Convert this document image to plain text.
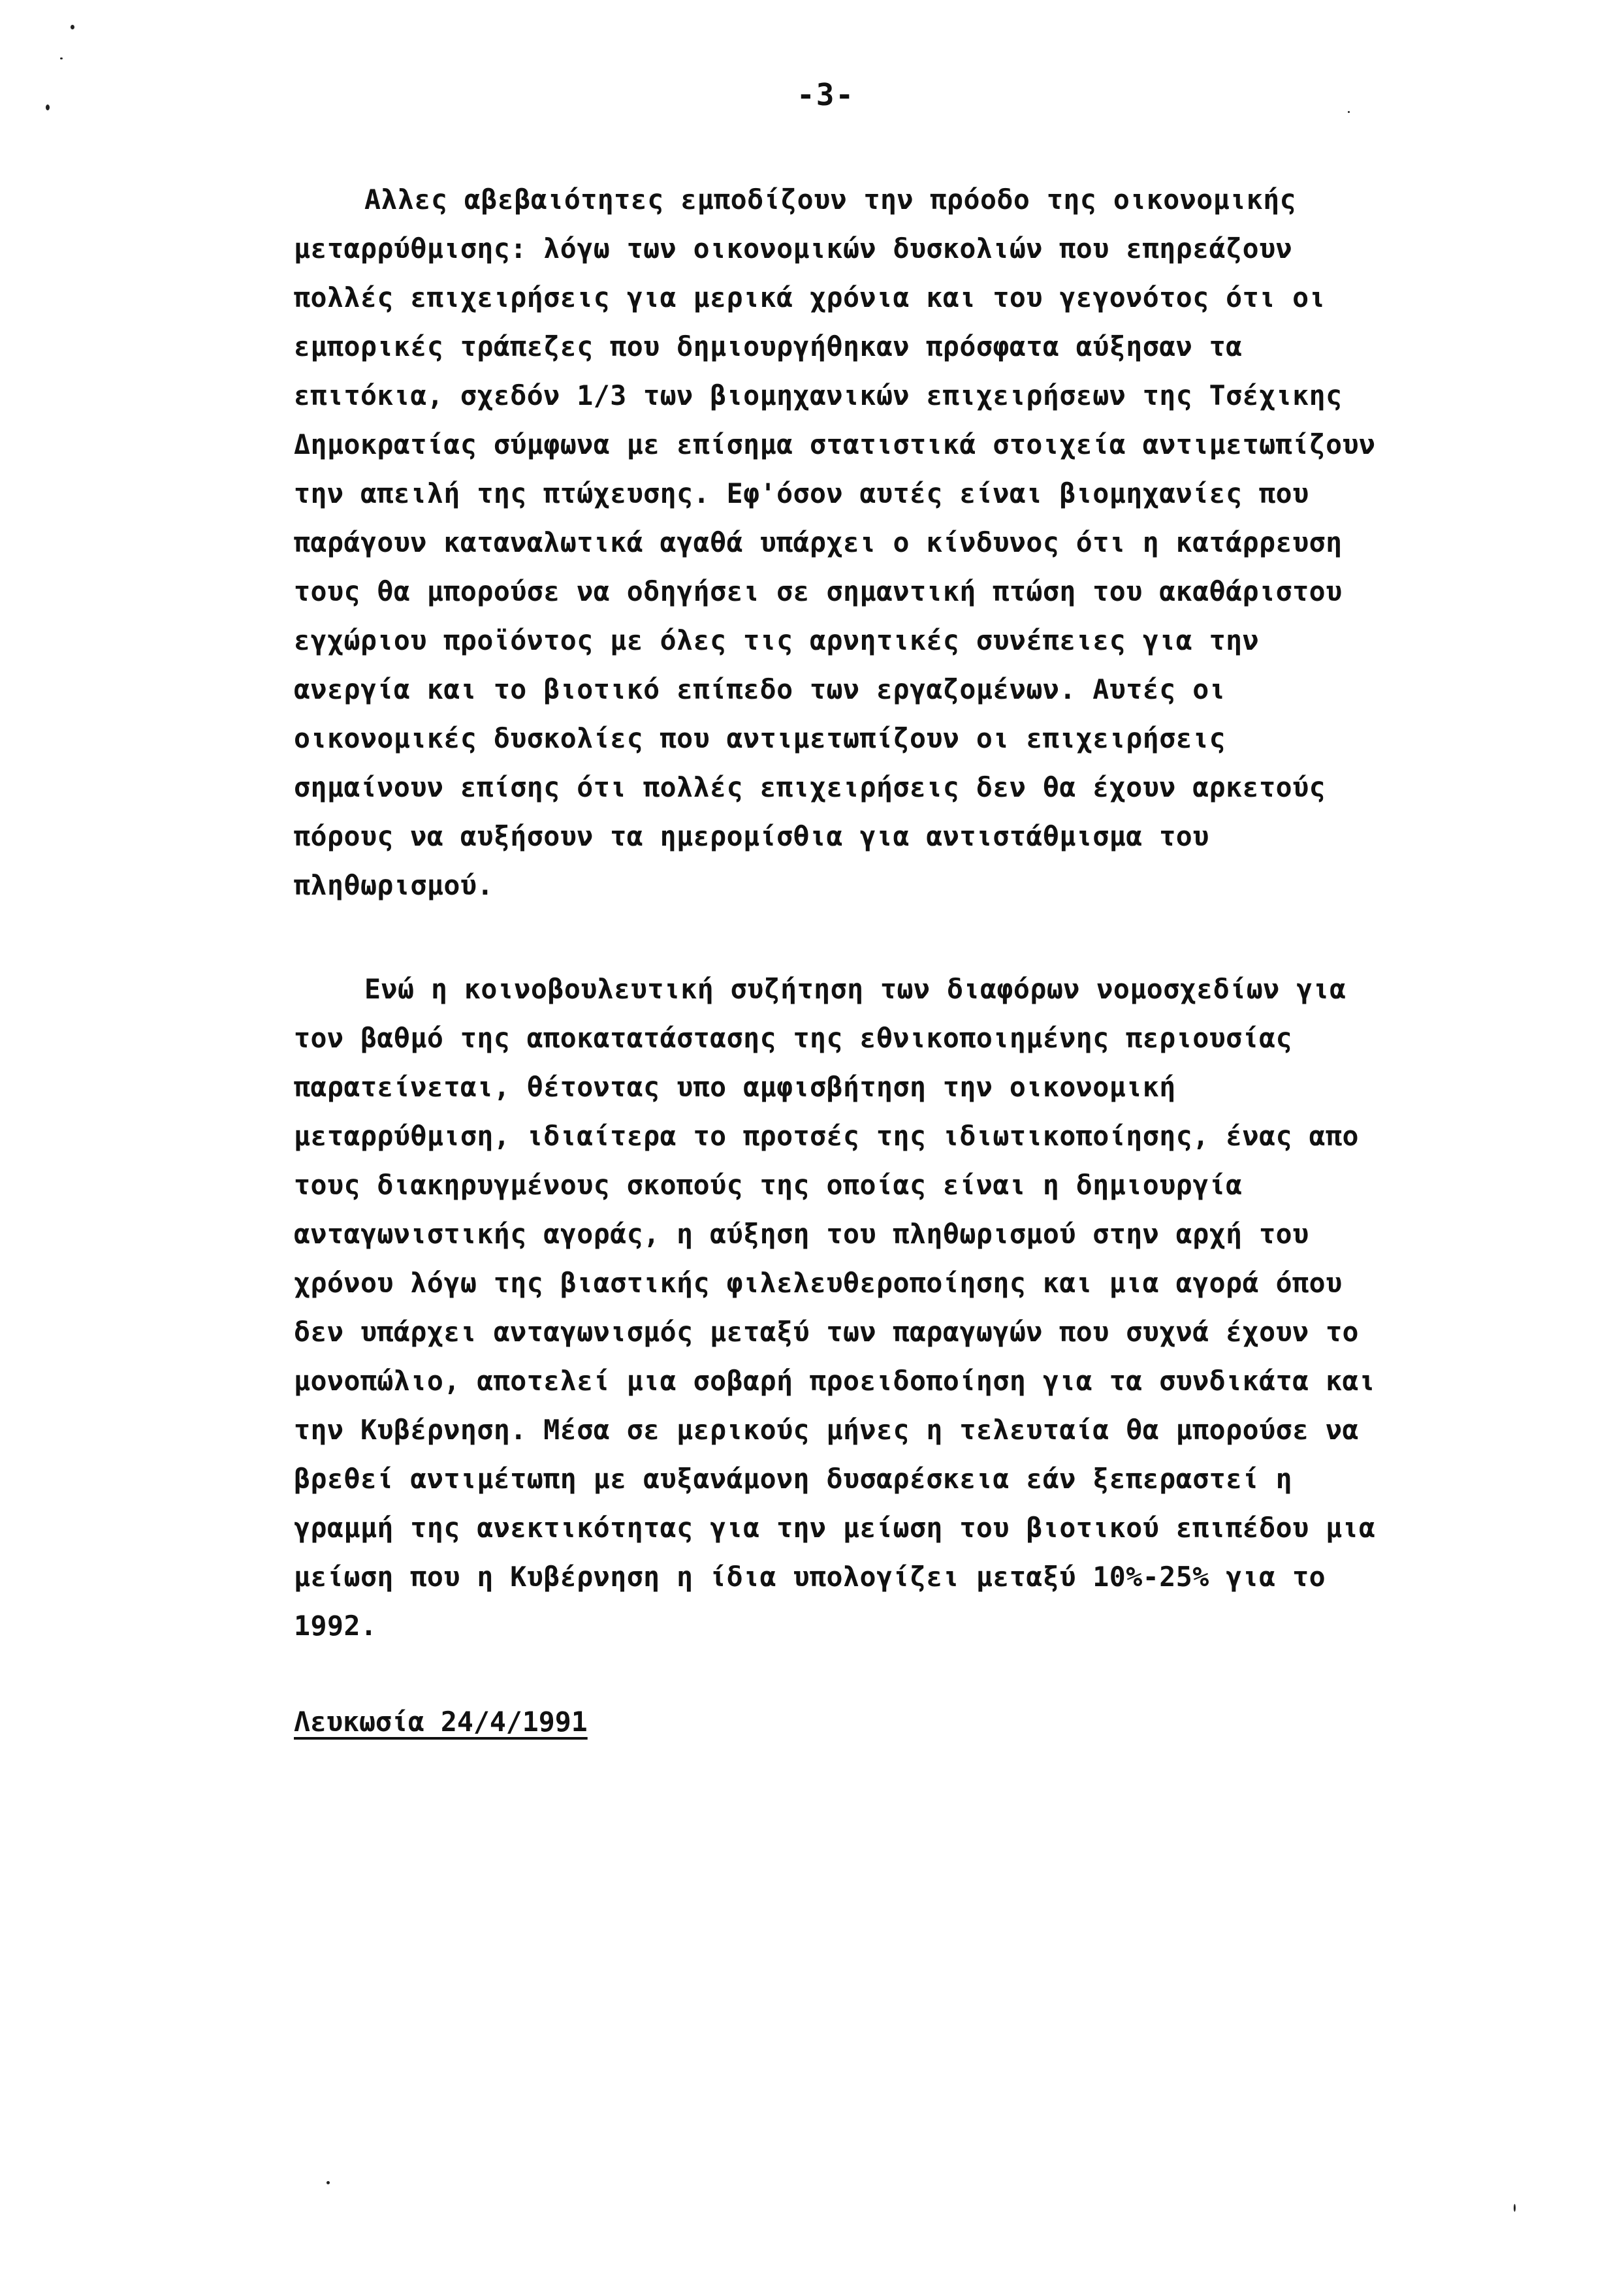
-3-
Αλλες αβεβαιότητες εμποδίζουν την πρόοδο της οικονομικής
μεταρρύθμισης: λόγω των οικονομικών δυσκολιών που επηρεάζουν
πολλές επιχειρήσεις για μερικά χρόνια και του γεγονότος ότι οι
εμπορικές τράπεζες που δημιουργήθηκαν πρόσφατα αύξησαν τα
επιτόκια, σχεδόν 1/3 των βιομηχανικών επιχειρήσεων της Τσέχικης
Δημοκρατίας σύμφωνα με επίσημα στατιστικά στοιχεία αντιμετωπίζουν
την απειλή της πτώχευσης. Εφ'όσον αυτές είναι βιομηχανίες που
παράγουν καταναλωτικά αγαθά υπάρχει ο κίνδυνος ότι η κατάρρευση
τους θα μπορούσε να οδηγήσει σε σημαντική πτώση του ακαθάριστου
εγχώριου προϊόντος με όλες τις αρνητικές συνέπειες για την
ανεργία και το βιοτικό επίπεδο των εργαζομένων. Αυτές οι
οικονομικές δυσκολίες που αντιμετωπίζουν οι επιχειρήσεις
σημαίνουν επίσης ότι πολλές επιχειρήσεις δεν θα έχουν αρκετούς
πόρους να αυξήσουν τα ημερομίσθια για αντιστάθμισμα του
πληθωρισμού.
Ενώ η κοινοβουλευτική συζήτηση των διαφόρων νομοσχεδίων για
τον βαθμό της αποκατατάστασης της εθνικοποιημένης περιουσίας
παρατείνεται, θέτοντας υπο αμφισβήτηση την οικονομική
μεταρρύθμιση, ιδιαίτερα το προτσές της ιδιωτικοποίησης, ένας απο
τους διακηρυγμένους σκοπούς της οποίας είναι η δημιουργία
ανταγωνιστικής αγοράς, η αύξηση του πληθωρισμού στην αρχή του
χρόνου λόγω της βιαστικής φιλελευθεροποίησης και μια αγορά όπου
δεν υπάρχει ανταγωνισμός μεταξύ των παραγωγών που συχνά έχουν το
μονοπώλιο, αποτελεί μια σοβαρή προειδοποίηση για τα συνδικάτα και
την Κυβέρνηση. Μέσα σε μερικούς μήνες η τελευταία θα μπορούσε να
βρεθεί αντιμέτωπη με αυξανάμονη δυσαρέσκεια εάν ξεπεραστεί η
γραμμή της ανεκτικότητας για την μείωση του βιοτικού επιπέδου μια
μείωση που η Κυβέρνηση η ίδια υπολογίζει μεταξύ 10%-25% για το
1992.
Λευκωσία 24/4/1991
